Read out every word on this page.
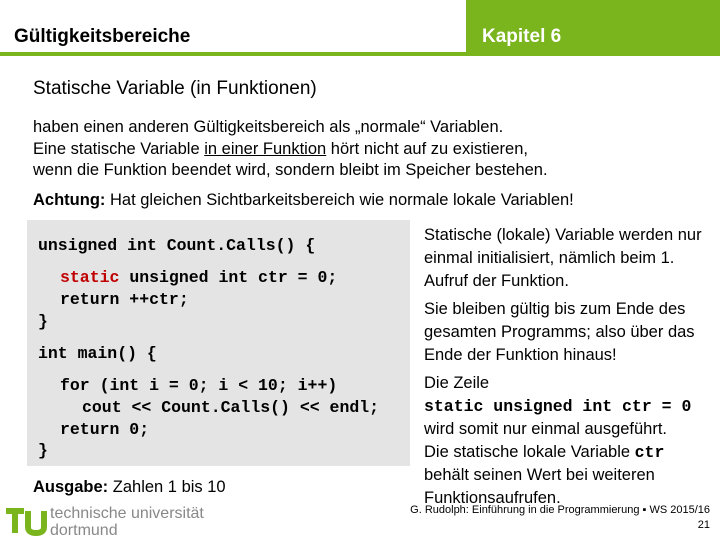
Gültigkeitsbereiche	Kapitel 6
Statische Variable (in Funktionen)
haben einen anderen Gültigkeitsbereich als „normale“ Variablen.
Eine statische Variable in einer Funktion hört nicht auf zu existieren,
wenn die Funktion beendet wird, sondern bleibt im Speicher bestehen.
Achtung: Hat gleichen Sichtbarkeitsbereich wie normale lokale Variablen!
unsigned int Count.Calls() {
static unsigned int ctr = 0;
return ++ctr;
}
int main() {
for (int i = 0; i < 10; i++)
cout << Count.Calls() << endl;
return 0;
}
Ausgabe: Zahlen 1 bis 10
Statische (lokale) Variable werden nur einmal initialisiert, nämlich beim 1. Aufruf der Funktion.
Sie bleiben gültig bis zum Ende des gesamten Programms; also über das Ende der Funktion hinaus!
Die Zeile
static unsigned int ctr = 0
wird somit nur einmal ausgeführt.
Die statische lokale Variable ctr
behält seinen Wert bei weiteren Funktionsaufrufen.
technische universität
dortmund
G. Rudolph: Einführung in die Programmierung ▪ WS 2015/16
21
